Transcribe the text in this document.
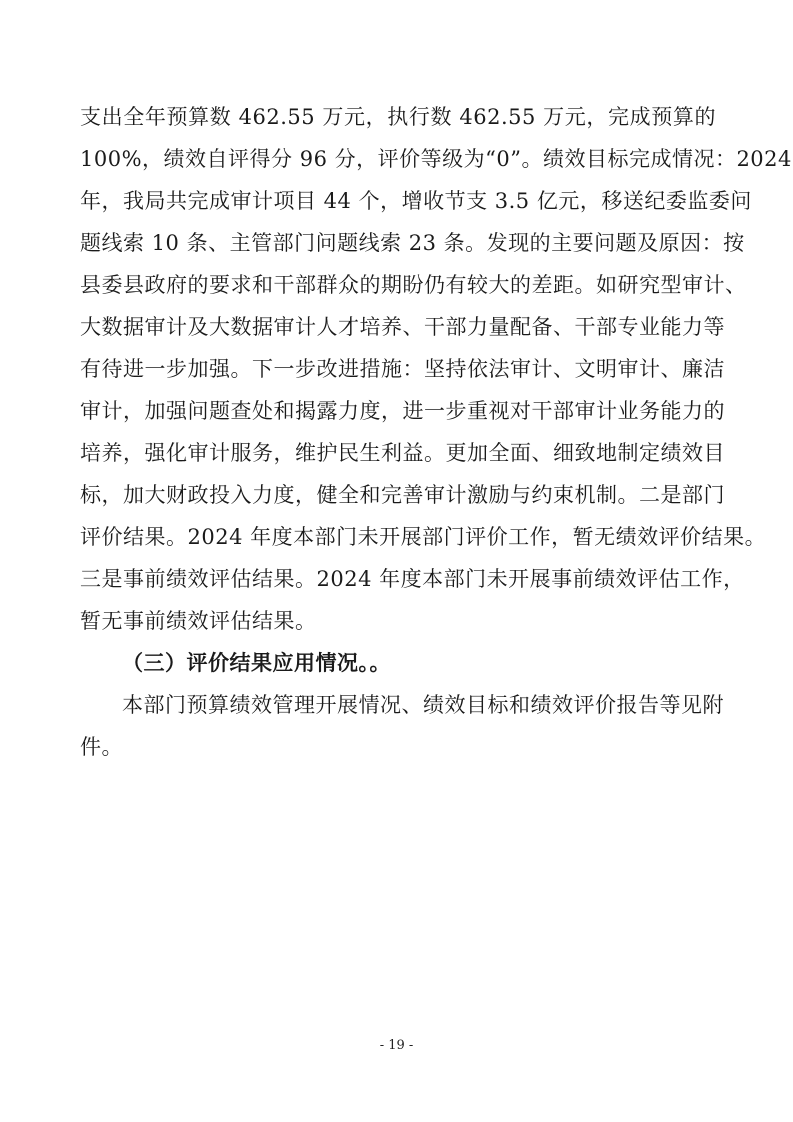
支出全年预算数 462.55 万元，执行数 462.55 万元，完成预算的
100%，绩效自评得分 96 分，评价等级为“0”。绩效目标完成情况：2024
年，我局共完成审计项目 44 个，增收节支 3.5 亿元，移送纪委监委问
题线索 10 条、主管部门问题线索 23 条。发现的主要问题及原因：按
县委县政府的要求和干部群众的期盼仍有较大的差距。如研究型审计、
大数据审计及大数据审计人才培养、干部力量配备、干部专业能力等
有待进一步加强。下一步改进措施：坚持依法审计、文明审计、廉洁
审计，加强问题查处和揭露力度，进一步重视对干部审计业务能力的
培养，强化审计服务，维护民生利益。更加全面、细致地制定绩效目
标，加大财政投入力度，健全和完善审计激励与约束机制。二是部门
评价结果。2024 年度本部门未开展部门评价工作，暂无绩效评价结果。
三是事前绩效评估结果。2024 年度本部门未开展事前绩效评估工作，
暂无事前绩效评估结果。
（三）评价结果应用情况。。
本部门预算绩效管理开展情况、绩效目标和绩效评价报告等见附
件。
- 19 -
